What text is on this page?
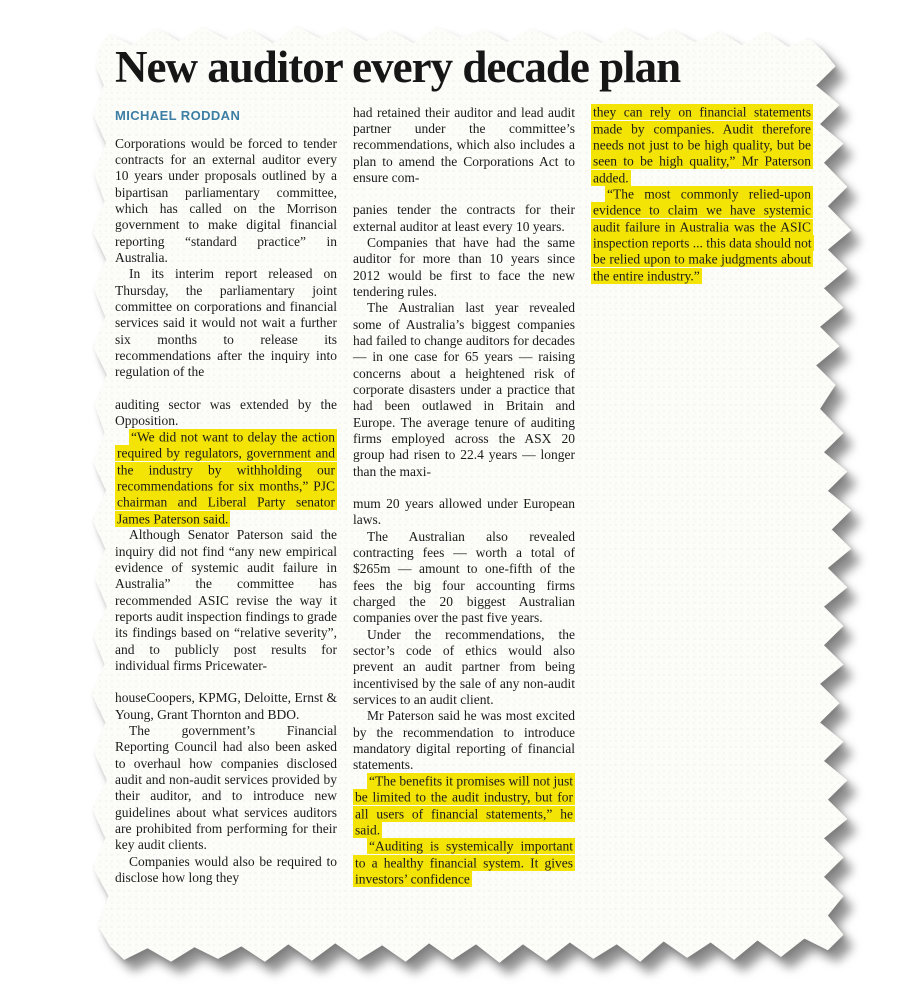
New auditor every decade plan
MICHAEL RODDAN

Corporations would be forced to tender contracts for an external auditor every 10 years under proposals outlined by a bipartisan parliamentary committee, which has called on the Morrison government to make digital financial reporting “standard practice” in Australia.

In its interim report released on Thursday, the parliamentary joint committee on corporations and financial services said it would not wait a further six months to release its recommendations after the inquiry into regulation of the

auditing sector was extended by the Opposition.

“We did not want to delay the action required by regulators, government and the industry by withholding our recommendations for six months,” PJC chairman and Liberal Party senator James Paterson said.

Although Senator Paterson said the inquiry did not find “any new empirical evidence of systemic audit failure in Australia” the committee has recommended ASIC revise the way it reports audit inspection findings to grade its findings based on “relative severity”, and to publicly post results for individual firms Pricewater-

houseCoopers, KPMG, Deloitte, Ernst & Young, Grant Thornton and BDO.

The government’s Financial Reporting Council had also been asked to overhaul how companies disclosed audit and non-audit services provided by their auditor, and to introduce new guidelines about what services auditors are prohibited from performing for their key audit clients.

Companies would also be required to disclose how long they

had retained their auditor and lead audit partner under the committee’s recommendations, which also includes a plan to amend the Corporations Act to ensure com-

panies tender the contracts for their external auditor at least every 10 years.

Companies that have had the same auditor for more than 10 years since 2012 would be first to face the new tendering rules.

The Australian last year revealed some of Australia’s biggest companies had failed to change auditors for decades — in one case for 65 years — raising concerns about a heightened risk of corporate disasters under a practice that had been outlawed in Britain and Europe. The average tenure of auditing firms employed across the ASX 20 group had risen to 22.4 years — longer than the maxi-

mum 20 years allowed under European laws.

The Australian also revealed contracting fees — worth a total of $265m — amount to one-fifth of the fees the big four accounting firms charged the 20 biggest Australian companies over the past five years.

Under the recommendations, the sector’s code of ethics would also prevent an audit partner from being incentivised by the sale of any non-audit services to an audit client.

Mr Paterson said he was most excited by the recommendation to introduce mandatory digital reporting of financial statements.

“The benefits it promises will not just be limited to the audit industry, but for all users of financial statements,” he said.

“Auditing is systemically important to a healthy financial system. It gives investors’ confidence

they can rely on financial statements made by companies. Audit therefore needs not just to be high quality, but be seen to be high quality,” Mr Paterson added.

“The most commonly relied-upon evidence to claim we have systemic audit failure in Australia was the ASIC inspection reports ... this data should not be relied upon to make judgments about the entire industry.”
